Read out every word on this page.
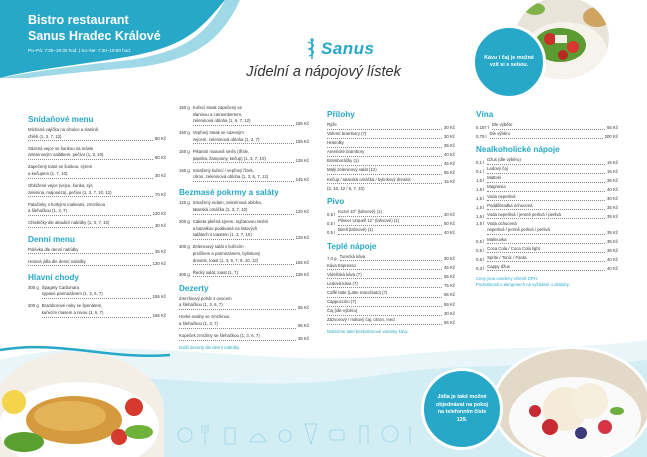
Bistro restaurant
Sanus Hradec Králové
Po–Pá: 7:30–19:30 hod. | So–Ne: 7:30–19:00 hod.	Sanus
Jídelní a nápojový lístek
Kávu i čaj je možné vzít si s sebou.
Jídla je také možné objednávat na pokoj na telefonním čísle 129.
Snídaňové menu
Míchaná vajíčka na cibulce a slanině,
chléb (1, 3, 7, 12)	80 Kč
Sázená vejce se šunkou na másle
zeleninovým salátkem, pečivo (1, 3, 10)	80 Kč
Zapečený toast se šunkou, sýrem
a kečupem (1, 7, 10)	30 Kč
Obložené vejce (vejce, šunka, sýr,
zelenina, majonéza), pečivo (1, 3, 7, 10, 12)	70 Kč
Palačinky s horkými malinami, zmrzlinou
a šlehačkou (1, 3, 7)	120 Kč
Chlebíčky dle aktuální nabídky (1, 3, 7, 10)	30 Kč
Denní menu
Polévka dle denní nabídky	35 Kč
Hotová jídla dle denní nabídky	130 Kč
Hlavní chody
300 g Špagety Carbonara
sypané parmazánem (1, 3, 6, 7)	155 Kč
200 g Bramborové noky se špenátem,
kuřecím masem a nivou (1, 6, 7)	165 Kč
150 g Kuřecí steak zapečený se
slaninou a camembertem,
zeleninová obloha (1, 6, 7, 12)	155 Kč
150 g Vepřový steak se sázeným
vejcem, zeleninová obloha (1, 3, 7)	155 Kč
150 g Pikantní masová směs (třísle,
paprika, žampiony, kečup) (1, 3, 7, 10)	125 Kč
150 g Smažený kuřecí / vepřový řízek,
citron, zeleninová obloha (1, 3, 6, 7, 12)	145 Kč
Bezmasé pokrmy a saláty
120 g Smažený eidam, zeleninová obloha,
tatarská omáčka (1, 3, 7, 10)	120 Kč
200 g Caketa plněná sýrem, rajčatovou směsí
a bazalkou podávaná na listových
salátech s toastem (1, 3, 7, 10)	125 Kč
300 g Zeleninový salát s kuřecím
prsíčkem a parmezánem, bylinkový
dresink, toast (1, 3, 6, 7, 9, 10, 12)	165 Kč
300 g Řecký salát, toast (1, 7)	135 Kč
Dezerty
Zmrzlinový pohár s ovocem
a šlehačkou (1, 3, 6, 7)	85 Kč
Horké maliny se zmrzlinou
a šlehačkou (1, 3, 7)	95 Kč
Kopeček zmrzliny se šlehačkou (1, 3, 6, 7)	35 Kč
Další dezerty dle denní nabídky.
Přílohy
Rýže	30 Kč
Vařené brambory (7)	30 Kč
Hranolky	35 Kč
Americké brambory	40 Kč
Bramboráčky (1)	45 Kč
Malý zeleninový salát (12)	65 Kč
Kečup / tatarská omáčka / bylinkový dresink	15 Kč
(3, 10, 12 / 6, 7, 10)
Pivo
0,5 l Kozel 10° (lahvové) (1)	40 Kč
0,5 l Pilsner Urquell 12° (lahvové) (1)	50 Kč
0,5 l Birell (lahvové) (1)	40 Kč
Teplé nápoje
7,0 g Turecká káva	30 Kč
Káva Espresso	45 Kč
Vídeňská káva (7)	55 Kč
Ledová káva (7)	75 Kč
Caffé latte (Latte macchiato) (7)	65 Kč
Cappuccino (7)	59 Kč
Čaj (dle výběru)	30 Kč
Zázvorový / mátový čaj, citron, med	55 Kč
Nabízíme také bezkofeinové varianty kávy.
Vína
0,187 l Dle výběru	55 Kč
0,75 l Dle výběru	200 Kč
Nealkoholické nápoje
0,1 l Džus (dle výběru)	15 Kč
0,1 l Ledový čaj	15 Kč
1,5 l Mattoni	35 Kč
1,5 l Magnesia	40 Kč
1,5 l Voda neperlivá	30 Kč
1,5 l Podděbradka ochucená	35 Kč
1,5 l Voda neperlivá / jemně perlivá / perlivá	35 Kč
1,5 l Voda ochucená
neperlivá / jemně perlivá / perlivá	35 Kč
0,5 l Malinovka	35 Kč
0,5 l Coca Cola / Coca Cola light	35 Kč
0,5 l Sprite / Tonic / Fanta	40 Kč
0,3 l Cappy džus	40 Kč
Ceny jsou uvedeny včetně DPH.
Podrobnosti o alergenech na vyžádání u obsluhy.
